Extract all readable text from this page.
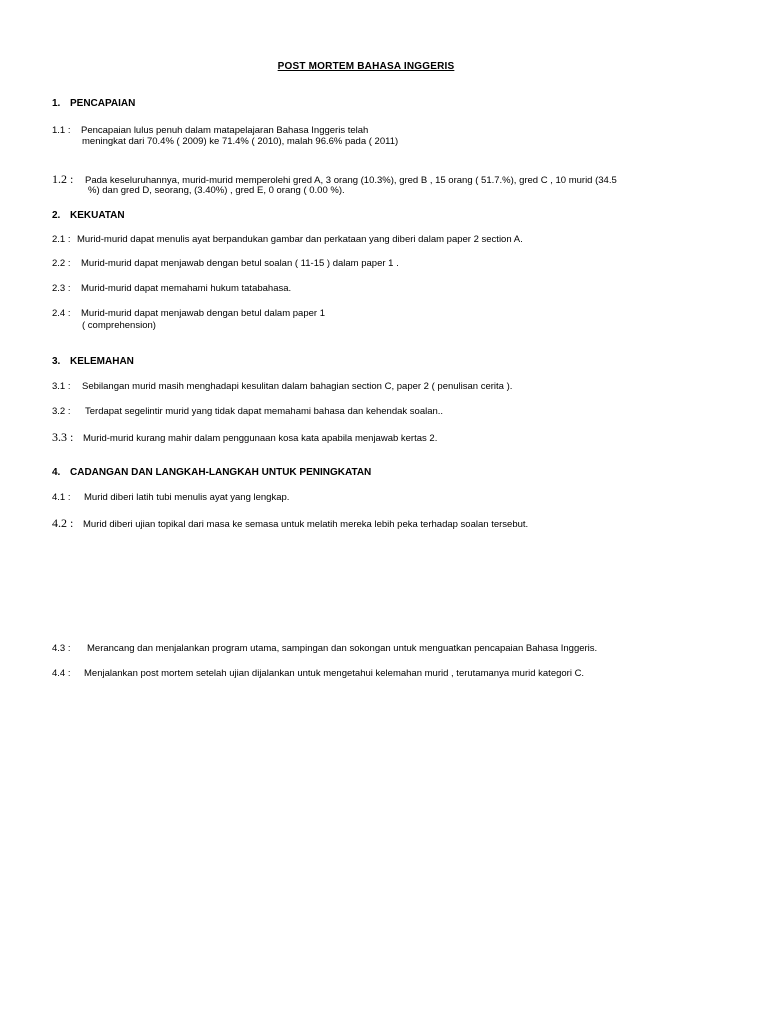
POST MORTEM BAHASA INGGERIS
1. PENCAPAIAN
1.1 : Pencapaian lulus penuh dalam matapelajaran Bahasa Inggeris telah
meningkat dari 70.4% ( 2009) ke 71.4% ( 2010), malah 96.6% pada ( 2011)
1.2 : Pada keseluruhannya, murid-murid memperolehi gred A, 3 orang (10.3%), gred B , 15 orang ( 51.7.%), gred C , 10 murid (34.5
%) dan gred D, seorang, (3.40%) , gred E, 0 orang ( 0.00 %).
2. KEKUATAN
2.1 : Murid-murid dapat menulis ayat berpandukan gambar dan perkataan yang diberi dalam paper 2 section A.
2.2 : Murid-murid dapat menjawab dengan betul soalan ( 11-15 ) dalam paper 1 .
2.3 : Murid-murid dapat memahami hukum tatabahasa.
2.4 : Murid-murid dapat menjawab dengan betul dalam paper 1
( comprehension)
3. KELEMAHAN
3.1 : Sebilangan murid masih menghadapi kesulitan dalam bahagian section C, paper 2 ( penulisan cerita ).
3.2 : Terdapat segelintir murid yang tidak dapat memahami bahasa dan kehendak soalan..
3.3 : Murid-murid kurang mahir dalam penggunaan kosa kata apabila menjawab kertas 2.
4. CADANGAN DAN LANGKAH-LANGKAH UNTUK PENINGKATAN
4.1 : Murid diberi latih tubi menulis ayat yang lengkap.
4.2 : Murid diberi ujian topikal dari masa ke semasa untuk melatih mereka lebih peka terhadap soalan tersebut.
4.3 : Merancang dan menjalankan program utama, sampingan dan sokongan untuk menguatkan pencapaian Bahasa Inggeris.
4.4 : Menjalankan post mortem setelah ujian dijalankan untuk mengetahui kelemahan murid , terutamanya murid kategori C.
